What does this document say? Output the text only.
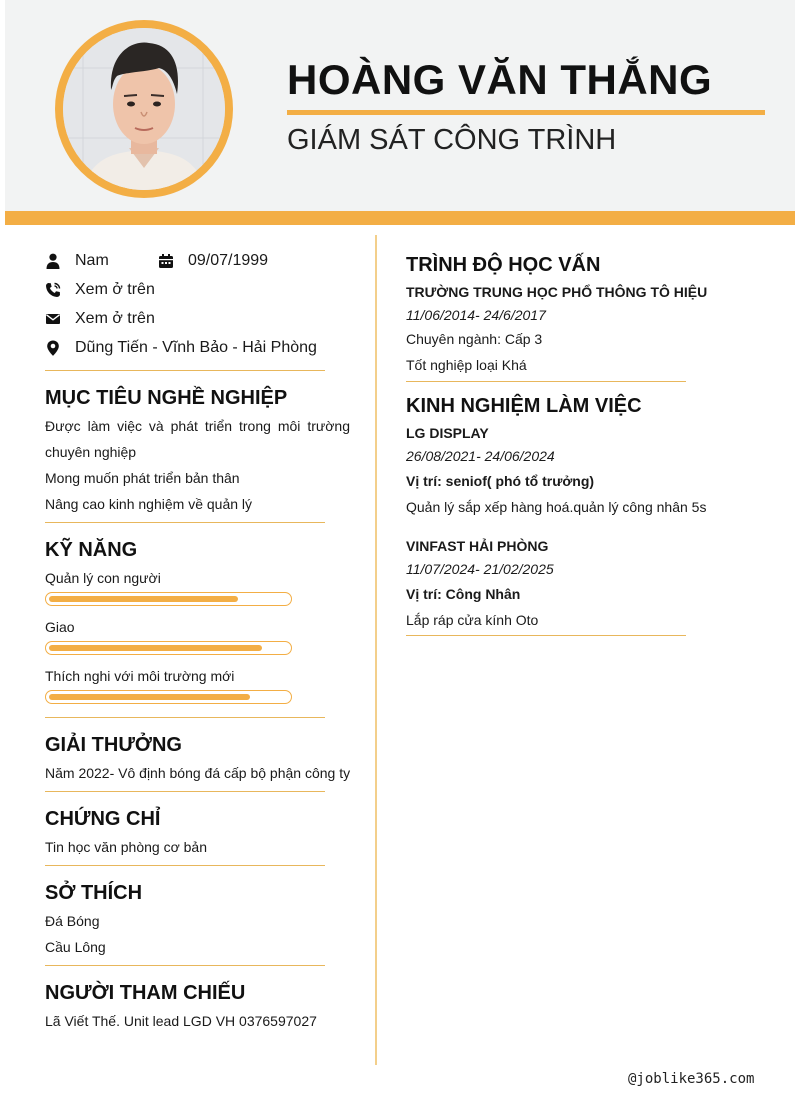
HOÀNG VĂN THẮNG
GIÁM SÁT CÔNG TRÌNH
Nam	09/07/1999
Xem ở trên
Xem ở trên
Dũng Tiến - Vĩnh Bảo - Hải Phòng
MỤC TIÊU NGHỀ NGHIỆP
Được làm việc và phát triển trong môi trường
chuyên nghiệp
Mong muốn phát triển bản thân
Nâng cao kinh nghiệm về quản lý
KỸ NĂNG
Quản lý con người
Giao
Thích nghi với môi trường mới
GIẢI THƯỞNG
Năm 2022- Vô định bóng đá cấp bộ phận công ty
CHỨNG CHỈ
Tin học văn phòng cơ bản
SỞ THÍCH
Đá Bóng
Cầu Lông
NGƯỜI THAM CHIẾU
Lã Viết Thế. Unit lead LGD VH 0376597027
TRÌNH ĐỘ HỌC VẤN
TRƯỜNG TRUNG HỌC PHỔ THÔNG TÔ HIỆU
11/06/2014- 24/6/2017
Chuyên ngành: Cấp 3
Tốt nghiệp loại Khá
KINH NGHIỆM LÀM VIỆC
LG DISPLAY
26/08/2021- 24/06/2024
Vị trí: seniof( phó tổ trưởng)
Quản lý sắp xếp hàng hoá.quản lý công nhân 5s
VINFAST HẢI PHÒNG
11/07/2024- 21/02/2025
Vị trí: Công Nhân
Lắp ráp cửa kính Oto
@joblike365.com
